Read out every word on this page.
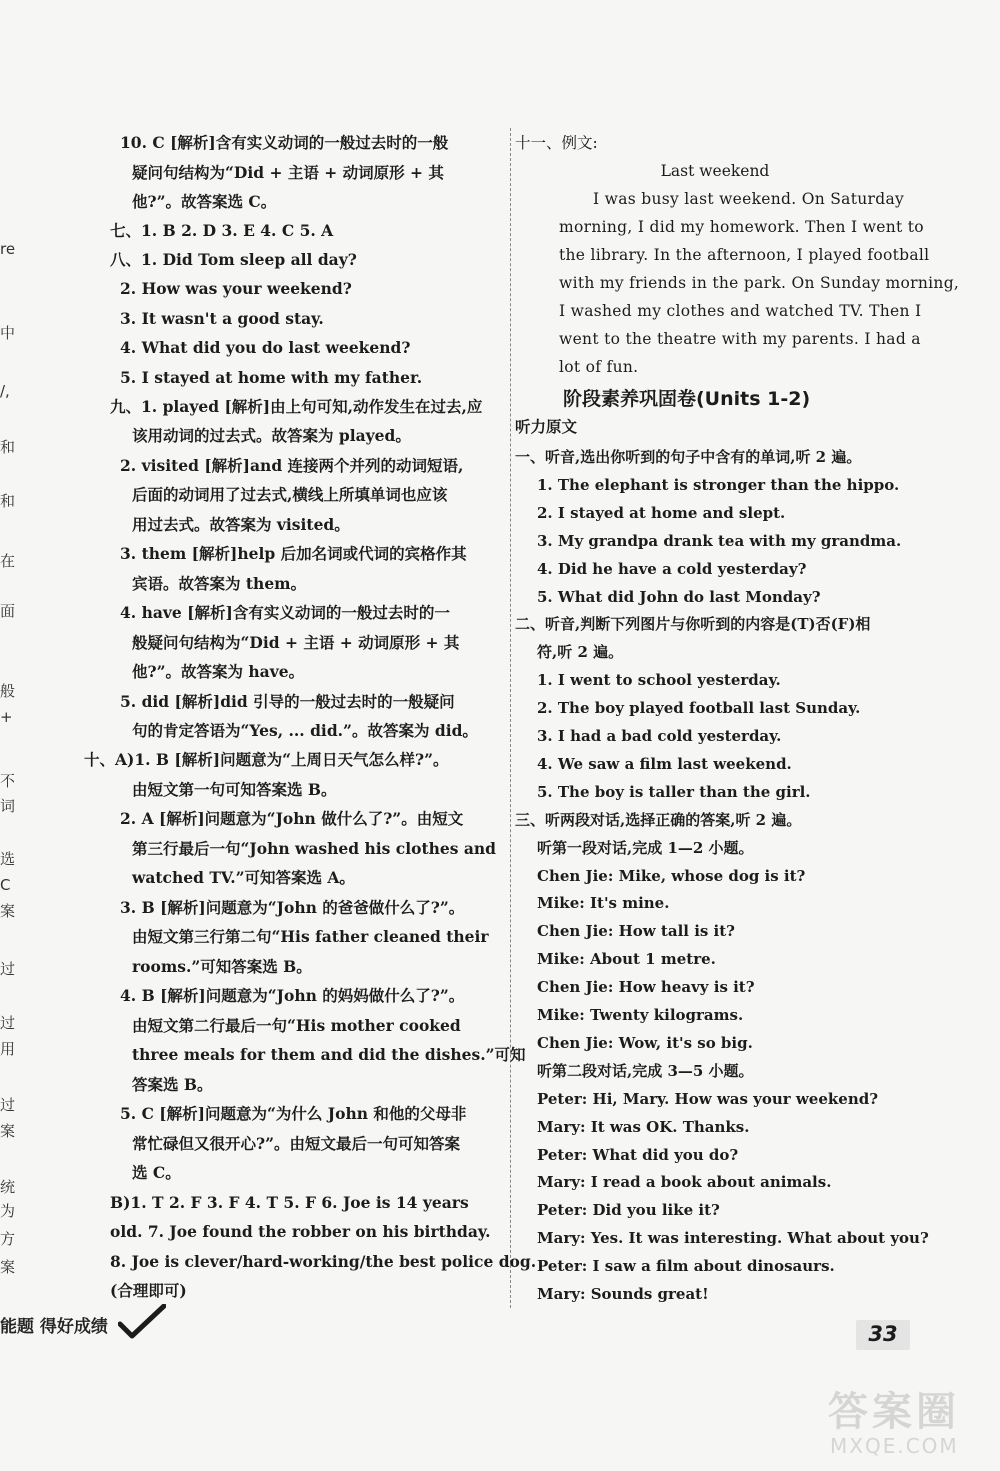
re
中
/,
和
和
在
面
般
+
不
词
选
C
案
过
过
用
过
案
统
为
方
案
10. C [解析]含有实义动词的一般过去时的一般
疑问句结构为“Did + 主语 + 动词原形 + 其
他?”。故答案选 C。
七、1. B 2. D 3. E 4. C 5. A
八、1. Did Tom sleep all day?
2. How was your weekend?
3. It wasn't a good stay.
4. What did you do last weekend?
5. I stayed at home with my father.
九、1. played [解析]由上句可知,动作发生在过去,应
该用动词的过去式。故答案为 played。
2. visited [解析]and 连接两个并列的动词短语,
后面的动词用了过去式,横线上所填单词也应该
用过去式。故答案为 visited。
3. them [解析]help 后加名词或代词的宾格作其
宾语。故答案为 them。
4. have [解析]含有实义动词的一般过去时的一
般疑问句结构为“Did + 主语 + 动词原形 + 其
他?”。故答案为 have。
5. did [解析]did 引导的一般过去时的一般疑问
句的肯定答语为“Yes, ... did.”。故答案为 did。
十、A)1. B [解析]问题意为“上周日天气怎么样?”。
由短文第一句可知答案选 B。
2. A [解析]问题意为“John 做什么了?”。由短文
第三行最后一句“John washed his clothes and
watched TV.”可知答案选 A。
3. B [解析]问题意为“John 的爸爸做什么了?”。
由短文第三行第二句“His father cleaned their
rooms.”可知答案选 B。
4. B [解析]问题意为“John 的妈妈做什么了?”。
由短文第二行最后一句“His mother cooked
three meals for them and did the dishes.”可知
答案选 B。
5. C [解析]问题意为“为什么 John 和他的父母非
常忙碌但又很开心?”。由短文最后一句可知答案
选 C。
B)1. T 2. F 3. F 4. T 5. F 6. Joe is 14 years
old. 7. Joe found the robber on his birthday.
8. Joe is clever/hard-working/the best police dog.
(合理即可)
十一、例文:
Last weekend
I was busy last weekend. On Saturday
morning, I did my homework. Then I went to
the library. In the afternoon, I played football
with my friends in the park. On Sunday morning,
I washed my clothes and watched TV. Then I
went to the theatre with my parents. I had a
lot of fun.
阶段素养巩固卷(Units 1-2)
听力原文
一、听音,选出你听到的句子中含有的单词,听 2 遍。
1. The elephant is stronger than the hippo.
2. I stayed at home and slept.
3. My grandpa drank tea with my grandma.
4. Did he have a cold yesterday?
5. What did John do last Monday?
二、听音,判断下列图片与你听到的内容是(T)否(F)相
符,听 2 遍。
1. I went to school yesterday.
2. The boy played football last Sunday.
3. I had a bad cold yesterday.
4. We saw a film last weekend.
5. The boy is taller than the girl.
三、听两段对话,选择正确的答案,听 2 遍。
听第一段对话,完成 1—2 小题。
Chen Jie: Mike, whose dog is it?
Mike: It's mine.
Chen Jie: How tall is it?
Mike: About 1 metre.
Chen Jie: How heavy is it?
Mike: Twenty kilograms.
Chen Jie: Wow, it's so big.
听第二段对话,完成 3—5 小题。
Peter: Hi, Mary. How was your weekend?
Mary: It was OK. Thanks.
Peter: What did you do?
Mary: I read a book about animals.
Peter: Did you like it?
Mary: Yes. It was interesting. What about you?
Peter: I saw a film about dinosaurs.
Mary: Sounds great!
能题 得好成绩	33
答案圈
MXQE.COM
